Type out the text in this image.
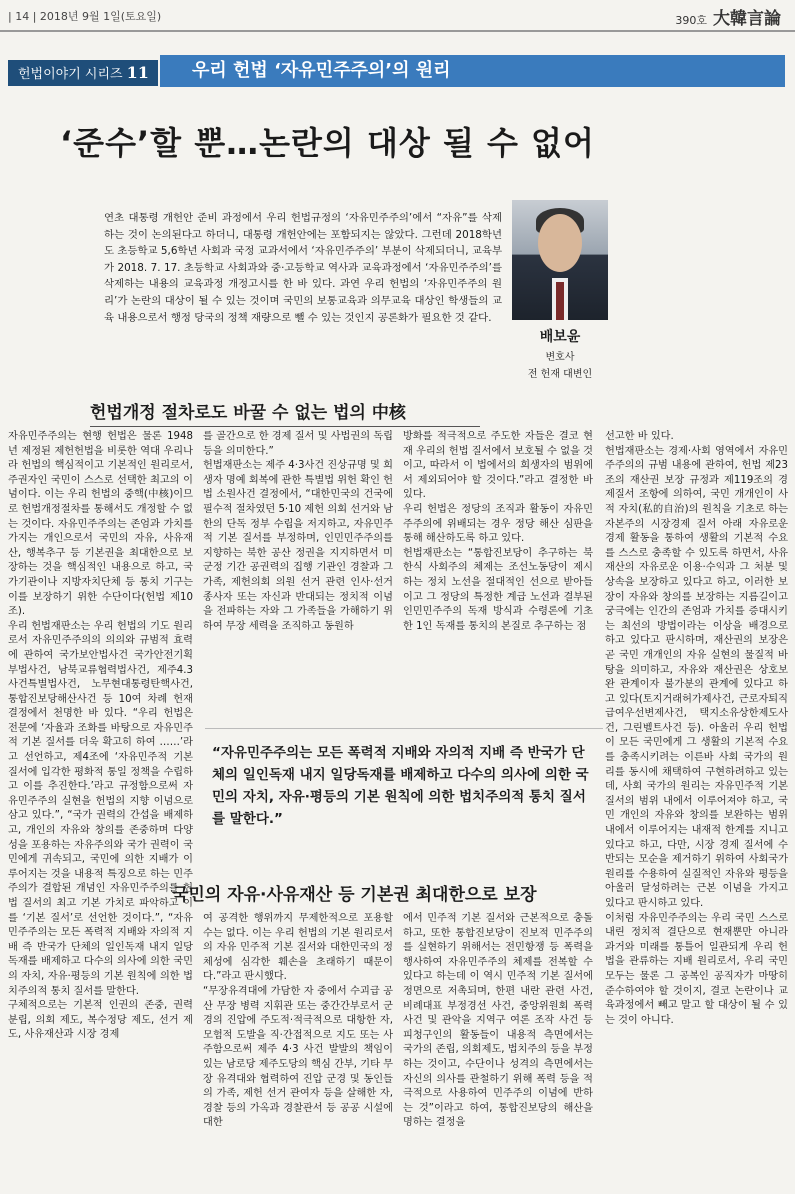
| 14 | 2018년 9월 1일(토요일)	390호 大韓言論
헌법이야기 시리즈 11	우리 헌법 ‘자유민주주의’의 원리
‘준수’할 뿐…논란의 대상 될 수 없어
연초 대통령 개헌안 준비 과정에서 우리 헌법규정의 ‘자유민주주의’에서 “자유”를 삭제하는 것이 논의된다고 하더니, 대통령 개헌안에는 포함되지는 않았다. 그런데 2018학년도 초등학교 5,6학년 사회과 국정 교과서에서 ‘자유민주주의’ 부분이 삭제되더니, 교육부가 2018. 7. 17. 초등학교 사회과와 중·고등학교 역사과 교육과정에서 ‘자유민주주의’를 삭제하는 내용의 교육과정 개정고시를 한 바 있다. 과연 우리 헌법의 ‘자유민주주의 원리’가 논란의 대상이 될 수 있는 것이며 국민의 보통교육과 의무교육 대상인 학생들의 교육 내용으로서 행정 당국의 정책 재량으로 뺄 수 있는 것인지 공론화가 필요한 것 같다.
배보윤
변호사
전 헌재 대변인
헌법개정 절차로도 바꿀 수 없는 법의 中核
자유민주주의는 현행 헌법은 물론 1948년 제정된 제헌헌법을 비롯한 역대 우리나라 헌법의 핵심적이고 기본적인 원리로서, 주권자인 국민이 스스로 선택한 최고의 이념이다. 이는 우리 헌법의 중핵(中核)이므로 헌법개정절차를 통해서도 개정할 수 없는 것이다. 자유민주주의는 존엄과 가치를 가지는 개인으로서 국민의 자유, 사유재산, 행복추구 등 기본권을 최대한으로 보장하는 것을 핵심적인 내용으로 하고, 국가기관이나 지방자치단체 등 통치 기구는 이를 보장하기 위한 수단이다(헌법 제10조).
우리 헌법재판소는 우리 헌법의 기도 원리로서 자유민주주의의 의의와 규범적 효력에 관하여 국가보안법사건 국가안전기획부법사건, 남북교류협력법사건, 제주4.3사건특별법사건, 노무현대통령탄핵사건, 통합진보당해산사건 등 10여 차례 헌재 결정에서 천명한 바 있다. “우리 헌법은 전문에 ‘자율과 조화를 바탕으로 자유민주적 기본 질서를 더욱 확고히 하여 ……’라고 선언하고, 제4조에 ‘자유민주적 기본 질서에 입각한 평화적 통일 정책을 수립하고 이를 추진한다.’라고 규정함으로써 자유민주주의 실현을 헌법의 지향 이념으로 삼고 있다.”, “국가 권력의 간섭을 배제하고, 개인의 자유와 창의를 존중하며 다양성을 포용하는 자유주의와 국가 권력이 국민에게 귀속되고, 국민에 의한 지배가 이루어지는 것을 내용적 특징으로 하는 민주주의가 결합된 개념인 자유민주주의를 헌법 질서의 최고 기본 가치로 파악하고 이를 ‘기본 질서’로 선언한 것이다.”, “자유민주주의는 모든 폭력적 지배와 자의적 지배 즉 반국가 단체의 일인독재 내지 일당독재를 배제하고 다수의 의사에 의한 국민의 자치, 자유·평등의 기본 원칙에 의한 법치주의적 통치 질서를 말한다.
구체적으로는 기본적 인권의 존중, 권력 분립, 의회 제도, 복수정당 제도, 선거 제도, 사유재산과 시장 경제
를 골간으로 한 경제 질서 및 사법권의 독립 등을 의미한다.”
헌법재판소는 제주 4·3사건 진상규명 및 희생자 명예 회복에 관한 특별법 위헌 확인 헌법 소원사건 결정에서, “대한민국의 건국에 필수적 절차였던 5·10 제헌 의회 선거와 남한의 단독 정부 수립을 저지하고, 자유민주적 기본 질서를 부정하며, 인민민주주의를 지향하는 북한 공산 정권을 지지하면서 미군정 기간 공권력의 집행 기관인 경찰과 그 가족, 제헌의회 의원 선거 관련 인사·선거 종사자 또는 자신과 반대되는 정치적 이념을 전파하는 자와 그 가족들을 가해하기 위하여 무장 세력을 조직하고 동원하
방화를 적극적으로 주도한 자들은 결코 현재 우리의 헌법 질서에서 보호될 수 없을 것이고, 따라서 이 법에서의 희생자의 범위에서 제외되어야 할 것이다.”라고 결정한 바 있다.
우리 헌법은 정당의 조직과 활동이 자유민주주의에 위배되는 경우 정당 해산 심판을 통해 해산하도록 하고 있다.
헌법재판소는 “통합진보당이 추구하는 북한식 사회주의 체제는 조선노동당이 제시하는 정치 노선을 절대적인 선으로 받아들이고 그 정당의 특정한 계급 노선과 결부된 인민민주주의 독재 방식과 수령론에 기초한 1인 독재를 통치의 본질로 추구하는 점
선고한 바 있다.
헌법재판소는 경제·사회 영역에서 자유민주주의의 규범 내용에 관하여, 헌법 제23조의 재산권 보장 규정과 제119조의 경제질서 조항에 의하여, 국민 개개인이 사적 자치(私的自治)의 원칙을 기초로 하는 자본주의 시장경제 질서 아래 자유로운 경제 활동을 통하여 생활의 기본적 수요를 스스로 충족할 수 있도록 하면서, 사유재산의 자유로운 이용·수익과 그 처분 및 상속을 보장하고 있다고 하고, 이러한 보장이 자유와 창의를 보장하는 지름길이고 궁극에는 인간의 존엄과 가치를 증대시키는 최선의 방법이라는 이상을 배경으로 하고 있다고 판시하며, 재산권의 보장은 곧 국민 개개인의 자유 실현의 물질적 바탕을 의미하고, 자유와 재산권은 상호보완 관계이자 불가분의 관계에 있다고 하고 있다(토지거래허가제사건, 근로자퇴직급여우선변제사건, 택지소유상한제도사건, 그린벨트사건 등). 아울러 우리 헌법이 모든 국민에게 그 생활의 기본적 수요를 충족시키려는 이른바 사회 국가의 원리를 동시에 채택하여 구현하려하고 있는데, 사회 국가의 원리는 자유민주적 기본 질서의 범위 내에서 이루어져야 하고, 국민 개인의 자유와 창의를 보완하는 범위 내에서 이루어지는 내재적 한계를 지니고 있다고 하고, 다만, 시장 경제 질서에 수반되는 모순을 제거하기 위하여 사회국가 원리를 수용하여 실질적인 자유와 평등을 아울러 달성하려는 근본 이념을 가지고 있다고 판시하고 있다.
이처럼 자유민주주의는 우리 국민 스스로 내린 정치적 결단으로 현재뿐만 아니라 과거와 미래를 통틀어 일관되게 우리 헌법을 관류하는 지배 원리로서, 우리 국민 모두는 물론 그 공복인 공직자가 마땅히 준수하여야 할 것이지, 결코 논란이나 교육과정에서 빼고 말고 할 대상이 될 수 있는 것이 아니다.
“자유민주주의는 모든 폭력적 지배와 자의적 지배 즉 반국가 단체의 일인독재 내지 일당독재를 배제하고 다수의 의사에 의한 국민의 자치, 자유·평등의 기본 원칙에 의한 법치주의적 통치 질서를 말한다.”
국민의 자유·사유재산 등 기본권 최대한으로 보장
여 공격한 행위까지 무제한적으로 포용할 수는 없다. 이는 우리 헌법의 기본 원리로서의 자유 민주적 기본 질서와 대한민국의 정체성에 심각한 훼손을 초래하기 때문이다.”라고 판시했다.
“무장유격대에 가담한 자 중에서 수괴급 공산 무장 병력 지휘관 또는 중간간부로서 군경의 진압에 주도적·적극적으로 대항한 자, 모험적 도발을 직·간접적으로 지도 또는 사주함으로써 제주 4·3 사건 발발의 책임이 있는 남로당 제주도당의 핵심 간부, 기타 무장 유격대와 협력하여 진압 군경 및 동인들의 가족, 제헌 선거 관여자 등을 살해한 자, 경찰 등의 가옥과 경찰관서 등 공공 시설에 대한
에서 민주적 기본 질서와 근본적으로 충돌하고, 또한 통합진보당이 진보적 민주주의를 실현하기 위해서는 전민항쟁 등 폭력을 행사하여 자유민주주의 체제를 전복할 수 있다고 하는데 이 역시 민주적 기본 질서에 정면으로 저촉되며, 한편 내란 관련 사건, 비례대표 부정경선 사건, 중앙위원회 폭력 사건 및 관악을 지역구 여론 조작 사건 등 피청구인의 활동들이 내용적 측면에서는 국가의 존립, 의회제도, 법치주의 등을 부정하는 것이고, 수단이나 성격의 측면에서는 자신의 의사를 관철하기 위해 폭력 등을 적극적으로 사용하여 민주주의 이념에 반하는 것”이라고 하여, 통합진보당의 해산을 명하는 결정을
